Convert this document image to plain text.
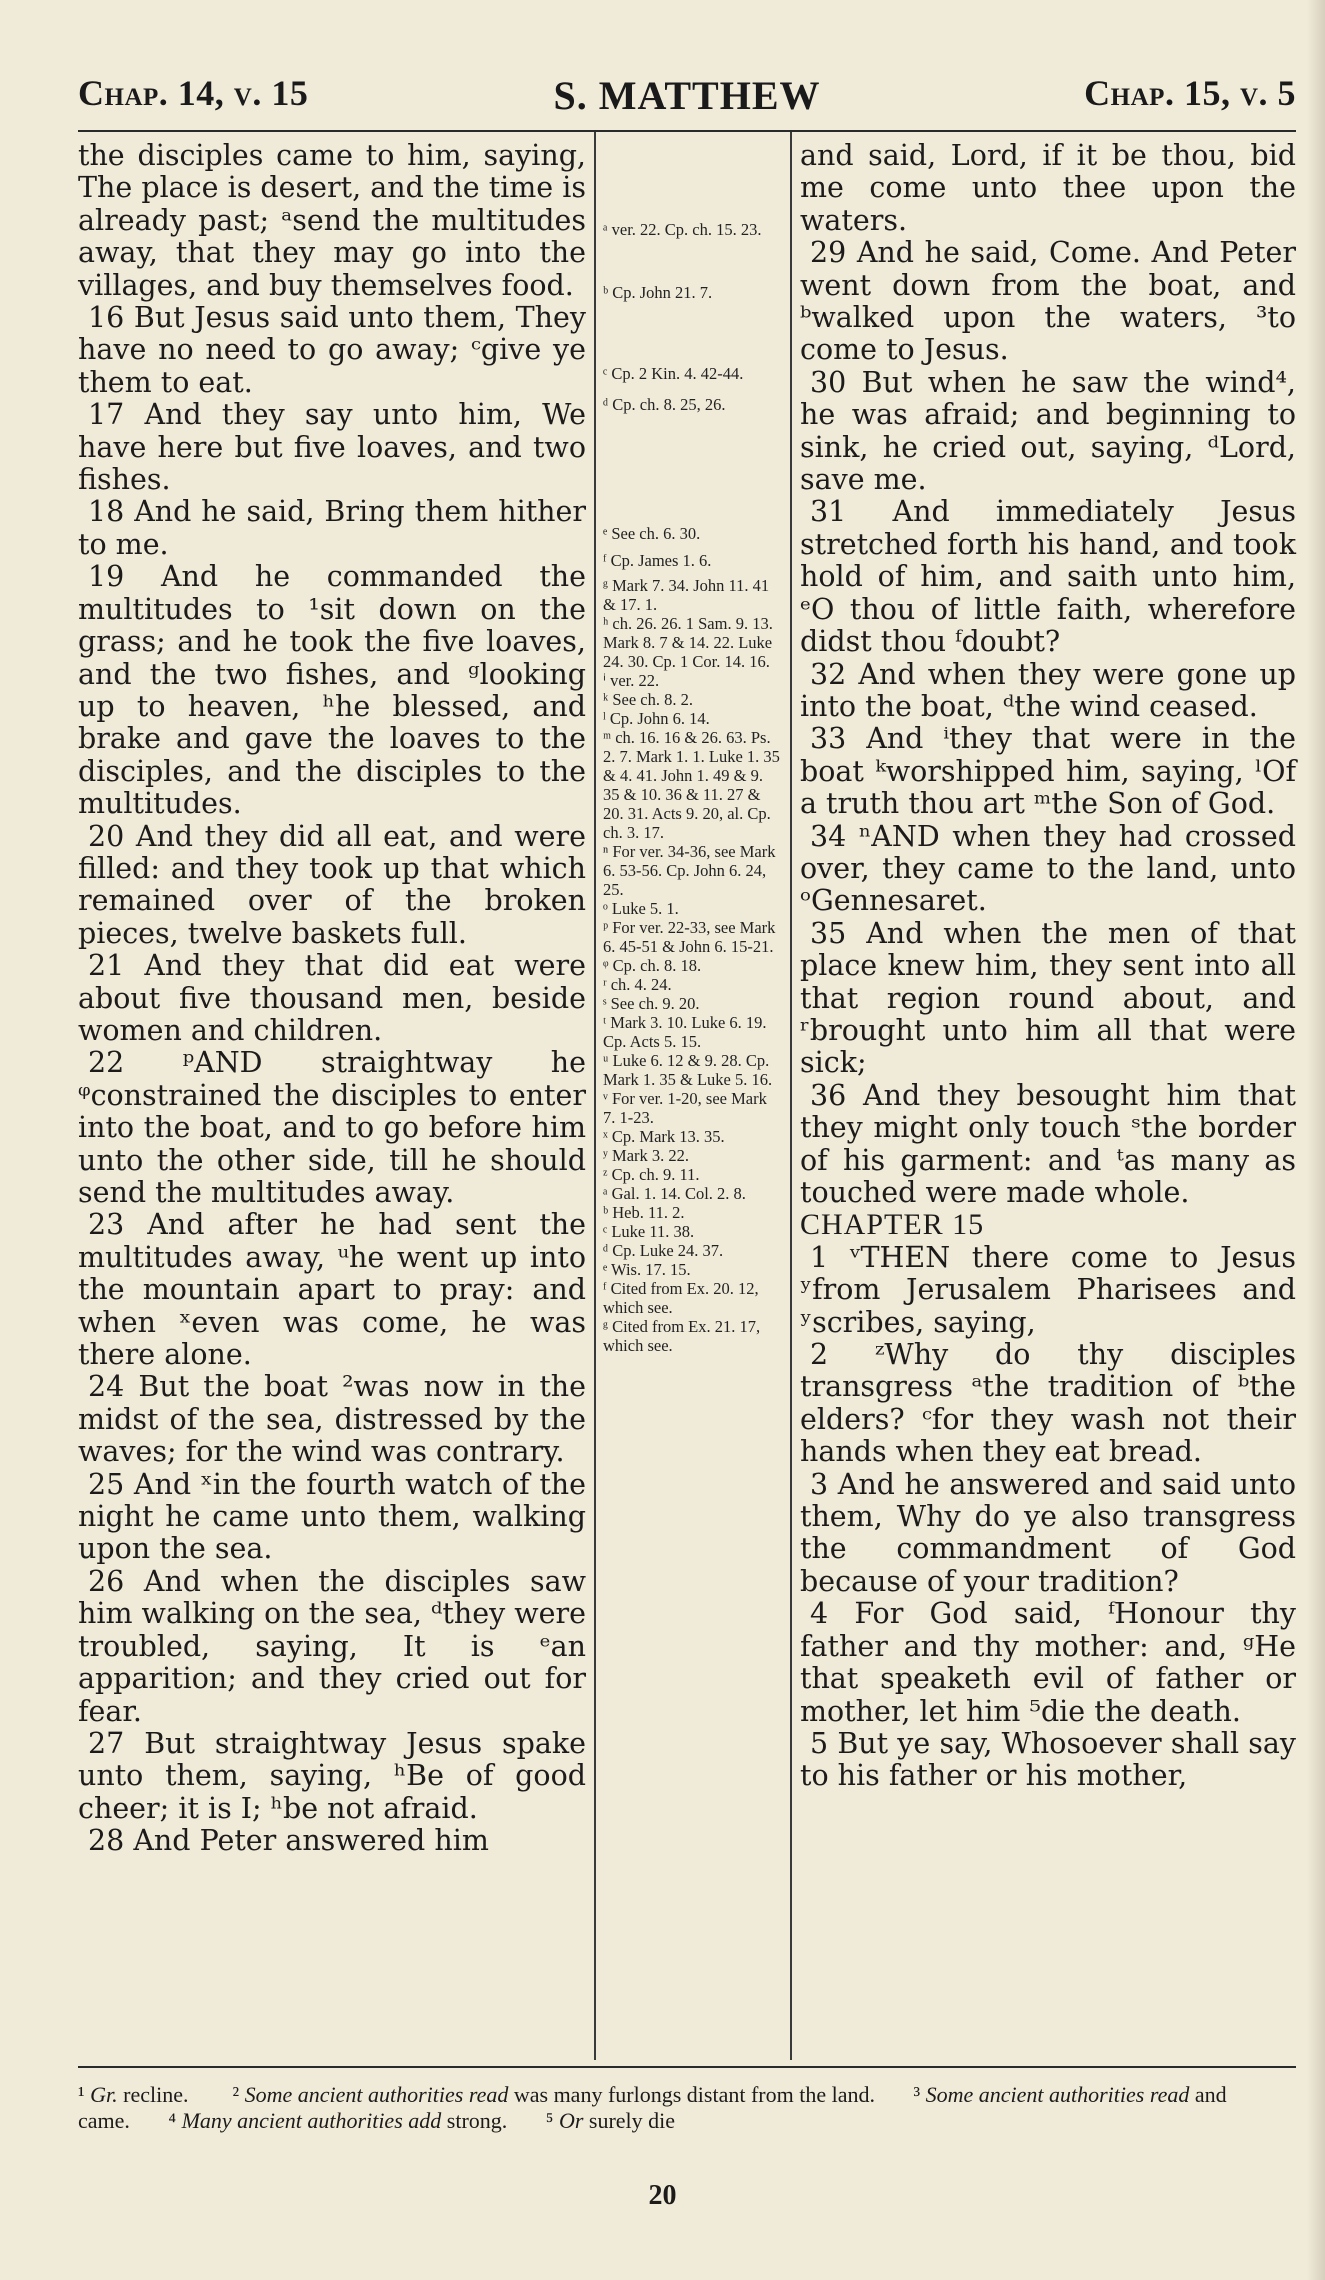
Chap. 14, v. 15	S. MATTHEW	Chap. 15, v. 5

the disciples came to him, saying, The place is desert, and the time is already past; ᵃsend the multitudes away, that they may go into the villages, and buy themselves food.

16 But Jesus said unto them, They have no need to go away; ᶜgive ye them to eat.

17 And they say unto him, We have here but five loaves, and two fishes.

18 And he said, Bring them hither to me.

19 And he commanded the multitudes to ¹sit down on the grass; and he took the five loaves, and the two fishes, and ᵍlooking up to heaven, ʰhe blessed, and brake and gave the loaves to the disciples, and the disciples to the multitudes.

20 And they did all eat, and were filled: and they took up that which remained over of the broken pieces, twelve baskets full.

21 And they that did eat were about five thousand men, beside women and children.

22 ᵖAND straightway he ᵠconstrained the disciples to enter into the boat, and to go before him unto the other side, till he should send the multitudes away.

23 And after he had sent the multitudes away, ᵘhe went up into the mountain apart to pray: and when ˣeven was come, he was there alone.

24 But the boat ²was now in the midst of the sea, distressed by the waves; for the wind was contrary.

25 And ˣin the fourth watch of the night he came unto them, walking upon the sea.

26 And when the disciples saw him walking on the sea, ᵈthey were troubled, saying, It is ᵉan apparition; and they cried out for fear.

27 But straightway Jesus spake unto them, saying, ʰBe of good cheer; it is I; ʰbe not afraid.

28 And Peter answered him

ᵃ ver. 22. Cp. ch. 15. 23.

ᵇ Cp. John 21. 7.

ᶜ Cp. 2 Kin. 4. 42-44.

ᵈ Cp. ch. 8. 25, 26.

ᵉ See ch. 6. 30.

ᶠ Cp. James 1. 6.

ᵍ Mark 7. 34. John 11. 41 & 17. 1.

ʰ ch. 26. 26. 1 Sam. 9. 13. Mark 8. 7 & 14. 22. Luke 24. 30. Cp. 1 Cor. 14. 16.

ⁱ ver. 22.

ᵏ See ch. 8. 2.

ˡ Cp. John 6. 14.

ᵐ ch. 16. 16 & 26. 63. Ps. 2. 7. Mark 1. 1. Luke 1. 35 & 4. 41. John 1. 49 & 9. 35 & 10. 36 & 11. 27 & 20. 31. Acts 9. 20, al. Cp. ch. 3. 17.

ⁿ For ver. 34-36, see Mark 6. 53-56. Cp. John 6. 24, 25.

ᵒ Luke 5. 1.

ᵖ For ver. 22-33, see Mark 6. 45-51 & John 6. 15-21.

ᵠ Cp. ch. 8. 18.

ʳ ch. 4. 24.

ˢ See ch. 9. 20.

ᵗ Mark 3. 10. Luke 6. 19. Cp. Acts 5. 15.

ᵘ Luke 6. 12 & 9. 28. Cp. Mark 1. 35 & Luke 5. 16.

ᵛ For ver. 1-20, see Mark 7. 1-23.

ˣ Cp. Mark 13. 35.

ʸ Mark 3. 22.

ᶻ Cp. ch. 9. 11.

ᵃ Gal. 1. 14. Col. 2. 8.

ᵇ Heb. 11. 2.

ᶜ Luke 11. 38.

ᵈ Cp. Luke 24. 37.

ᵉ Wis. 17. 15.

ᶠ Cited from Ex. 20. 12, which see.

ᵍ Cited from Ex. 21. 17, which see.

and said, Lord, if it be thou, bid me come unto thee upon the waters.

29 And he said, Come. And Peter went down from the boat, and ᵇwalked upon the waters, ³to come to Jesus.

30 But when he saw the wind⁴, he was afraid; and beginning to sink, he cried out, saying, ᵈLord, save me.

31 And immediately Jesus stretched forth his hand, and took hold of him, and saith unto him, ᵉO thou of little faith, wherefore didst thou ᶠdoubt?

32 And when they were gone up into the boat, ᵈthe wind ceased.

33 And ⁱthey that were in the boat ᵏworshipped him, saying, ˡOf a truth thou art ᵐthe Son of God.

34 ⁿAND when they had crossed over, they came to the land, unto ᵒGennesaret.

35 And when the men of that place knew him, they sent into all that region round about, and ʳbrought unto him all that were sick;

36 And they besought him that they might only touch ˢthe border of his garment: and ᵗas many as touched were made whole.

CHAPTER 15

1 ᵛTHEN there come to Jesus ʸfrom Jerusalem Pharisees and ʸscribes, saying,

2 ᶻWhy do thy disciples transgress ᵃthe tradition of ᵇthe elders? ᶜfor they wash not their hands when they eat bread.

3 And he answered and said unto them, Why do ye also transgress the commandment of God because of your tradition?

4 For God said, ᶠHonour thy father and thy mother: and, ᵍHe that speaketh evil of father or mother, let him ⁵die the death.

5 But ye say, Whosoever shall say to his father or his mother,

¹ Gr. recline. ² Some ancient authorities read was many furlongs distant from the land. ³ Some ancient authorities read and came. ⁴ Many ancient authorities add strong. ⁵ Or surely die
20
